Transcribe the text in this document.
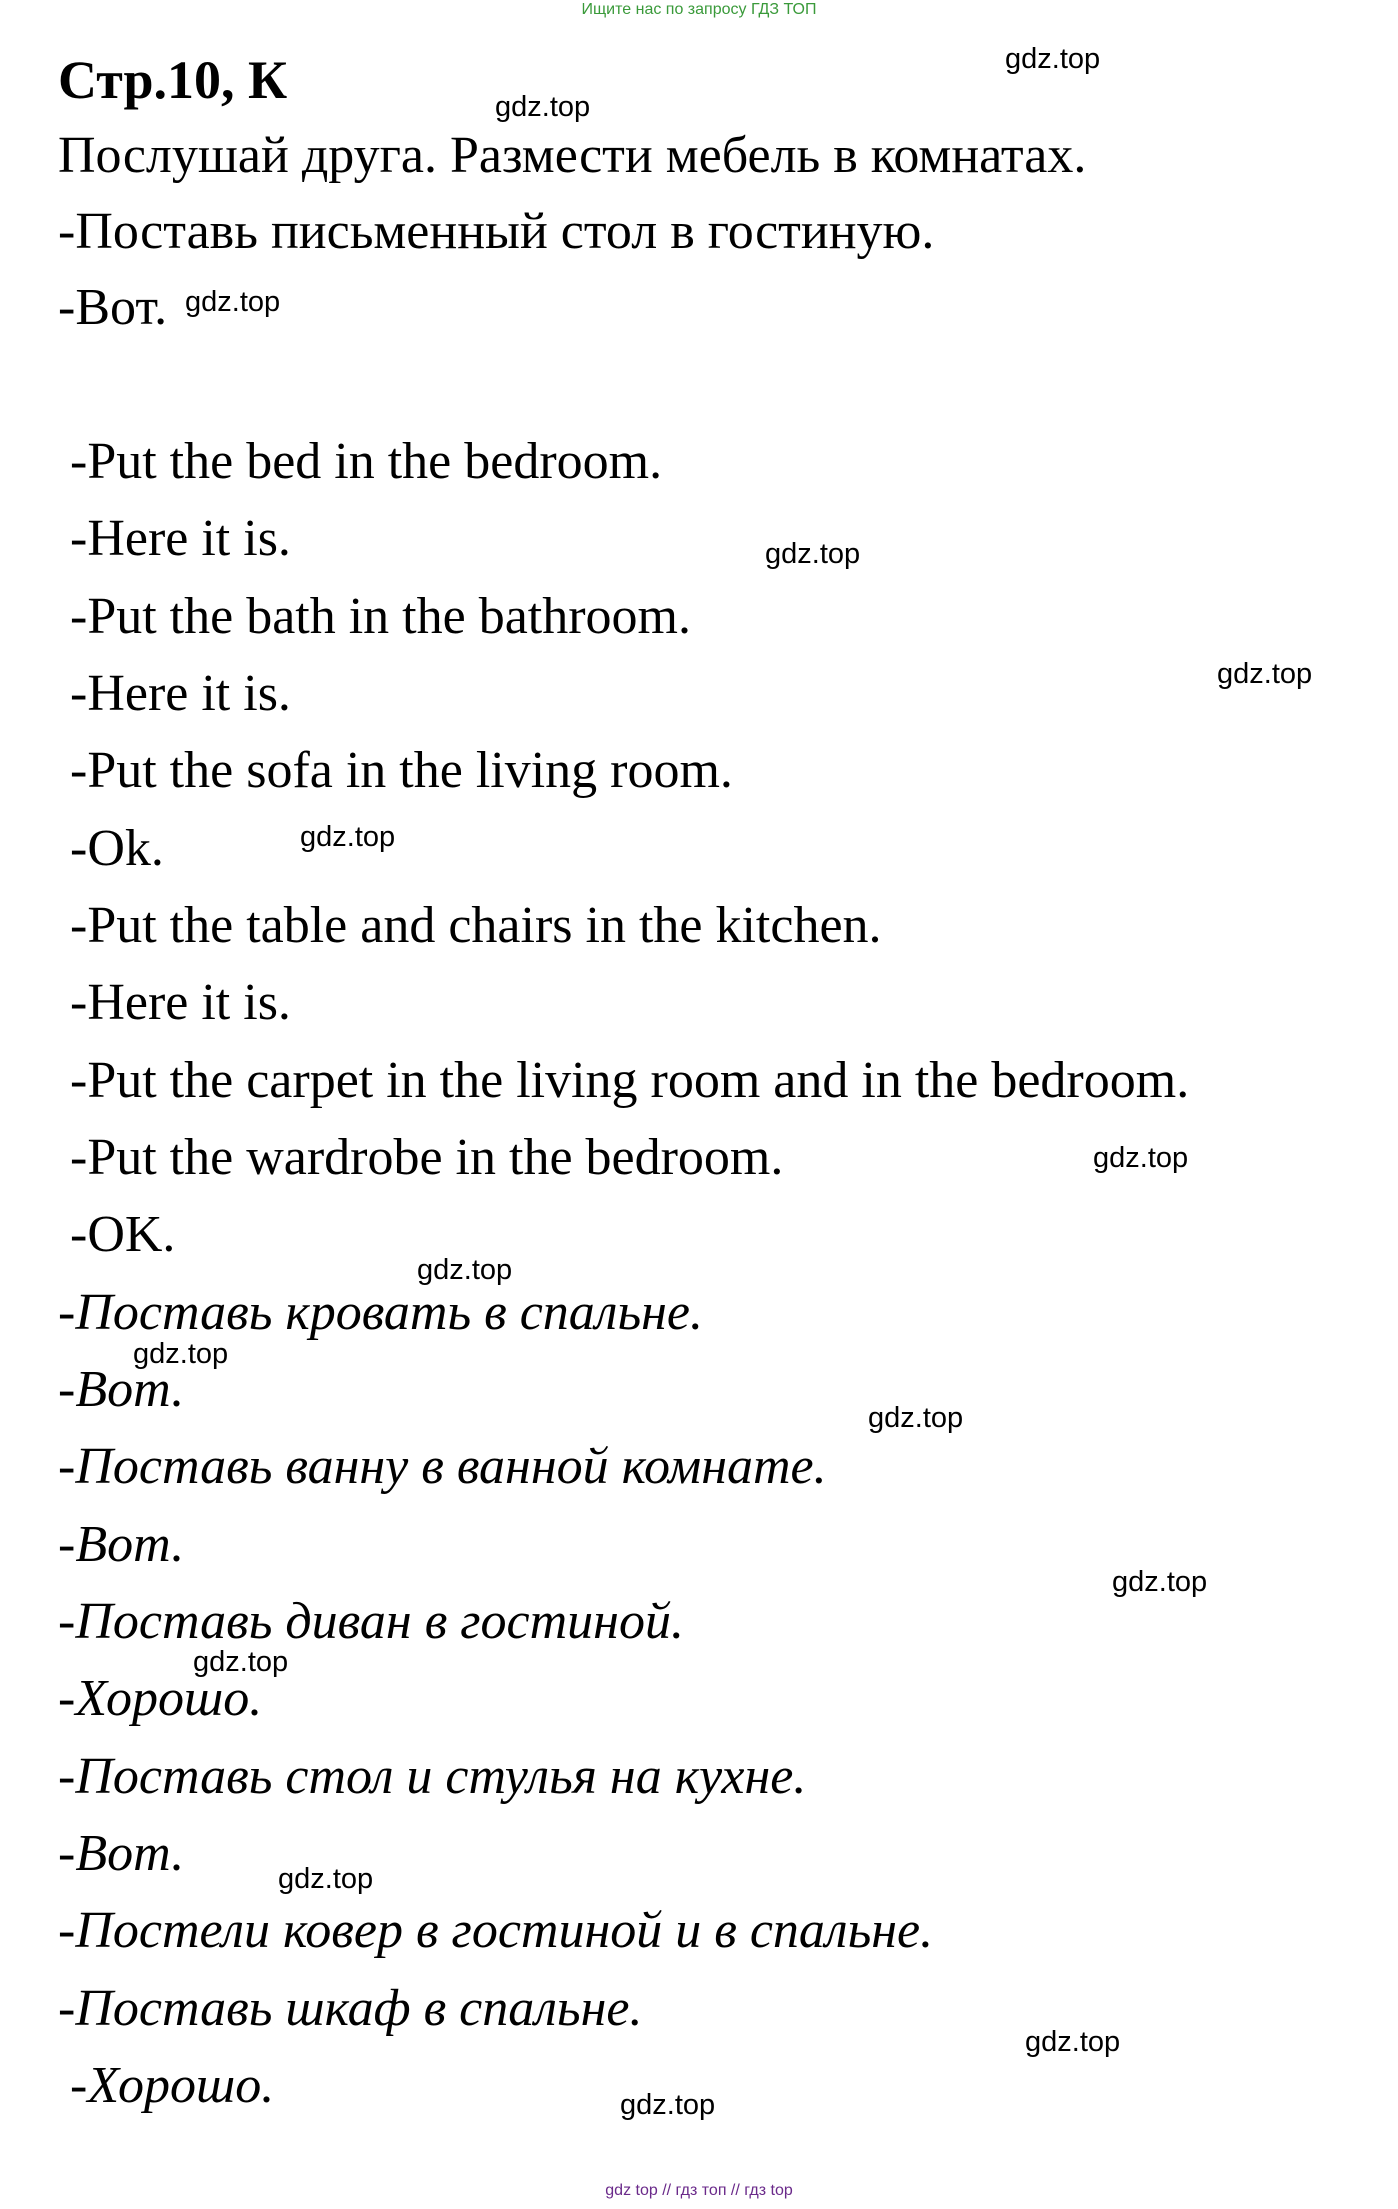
Ищите нас по запросу ГДЗ ТОП
Стр.10, К
Послушай друга. Размести мебель в комнатах.
-Поставь письменный стол в гостиную.
-Вот.
-Put the bed in the bedroom.
-Here it is.
-Put the bath in the bathroom.
-Here it is.
-Put the sofa in the living room.
-Ok.
-Put the table and chairs in the kitchen.
-Here it is.
-Put the carpet in the living room and in the bedroom.
-Put the wardrobe in the bedroom.
-OK.
-Поставь кровать в спальне.
-Вот.
-Поставь ванну в ванной комнате.
-Вот.
-Поставь диван в гостиной.
-Хорошо.
-Поставь стол и стулья на кухне.
-Вот.
-Постели ковер в гостиной и в спальне.
-Поставь шкаф в спальне.
-Хорошо.
gdz.top
gdz.top
gdz.top
gdz.top
gdz.top
gdz.top
gdz.top
gdz.top
gdz.top
gdz.top
gdz.top
gdz.top
gdz.top
gdz.top
gdz.top
gdz top // гдз топ // гдз top
